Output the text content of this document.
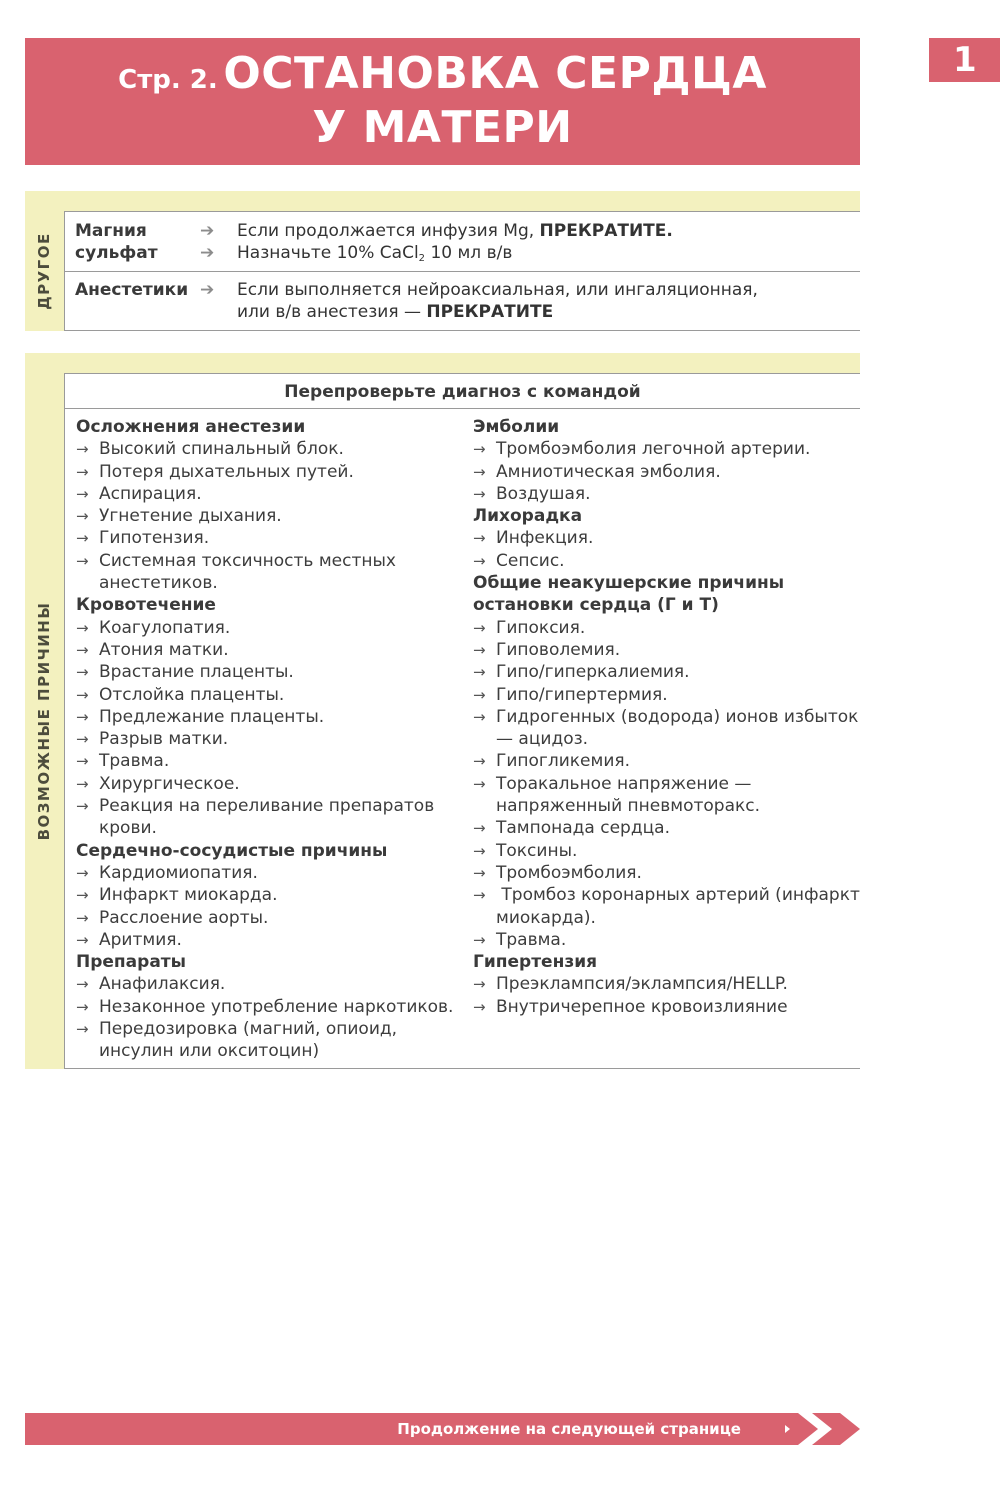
1
Стр. 2. ОСТАНОВКА СЕРДЦА
У МАТЕРИ
ДРУГОЕ
Магния
сульфат
➔
➔
Если продолжается инфузия Mg, ПРЕКРАТИТЕ.
Назначьте 10% CaCl$_2$ 10 мл в/в
Анестетики ➔ Если выполняется нейроаксиальная, или ингаляционная,
или в/в анестезия — ПРЕКРАТИТЕ
ВОЗМОЖНЫЕ ПРИЧИНЫ
Перепроверьте диагноз с командой
Осложнения анестезии
→ Высокий спинальный блок.
→ Потеря дыхательных путей.
→ Аспирация.
→ Угнетение дыхания.
→ Гипотензия.
→ Системная токсичность местных анестетиков.
Кровотечение
→ Коагулопатия.
→ Атония матки.
→ Врастание плаценты.
→ Отслойка плаценты.
→ Предлежание плаценты.
→ Разрыв матки.
→ Травма.
→ Хирургическое.
→ Реакция на переливание препаратов крови.
Сердечно-сосудистые причины
→ Кардиомиопатия.
→ Инфаркт миокарда.
→ Расслоение аорты.
→ Аритмия.
Препараты
→ Анафилаксия.
→ Незаконное употребление наркотиков.
→ Передозировка (магний, опиоид, инсулин или окситоцин)
Эмболии
→ Тромбоэмболия легочной артерии.
→ Амниотическая эмболия.
→ Воздушая.
Лихорадка
→ Инфекция.
→ Сепсис.
Общие неакушерские причины остановки сердца (Г и Т)
→ Гипоксия.
→ Гиповолемия.
→ Гипо/гиперкалиемия.
→ Гипо/гипертермия.
→ Гидрогенных (водорода) ионов избыток — ацидоз.
→ Гипогликемия.
→ Торакальное напряжение — напряженный пневмоторакс.
→ Тампонада сердца.
→ Токсины.
→ Тромбоэмболия.
→ Тромбоз коронарных артерий (инфаркт миокарда).
→ Травма.
Гипертензия
→ Преэклампсия/эклампсия/HELLP.
→ Внутричерепное кровоизлияние
Продолжение на следующей странице
